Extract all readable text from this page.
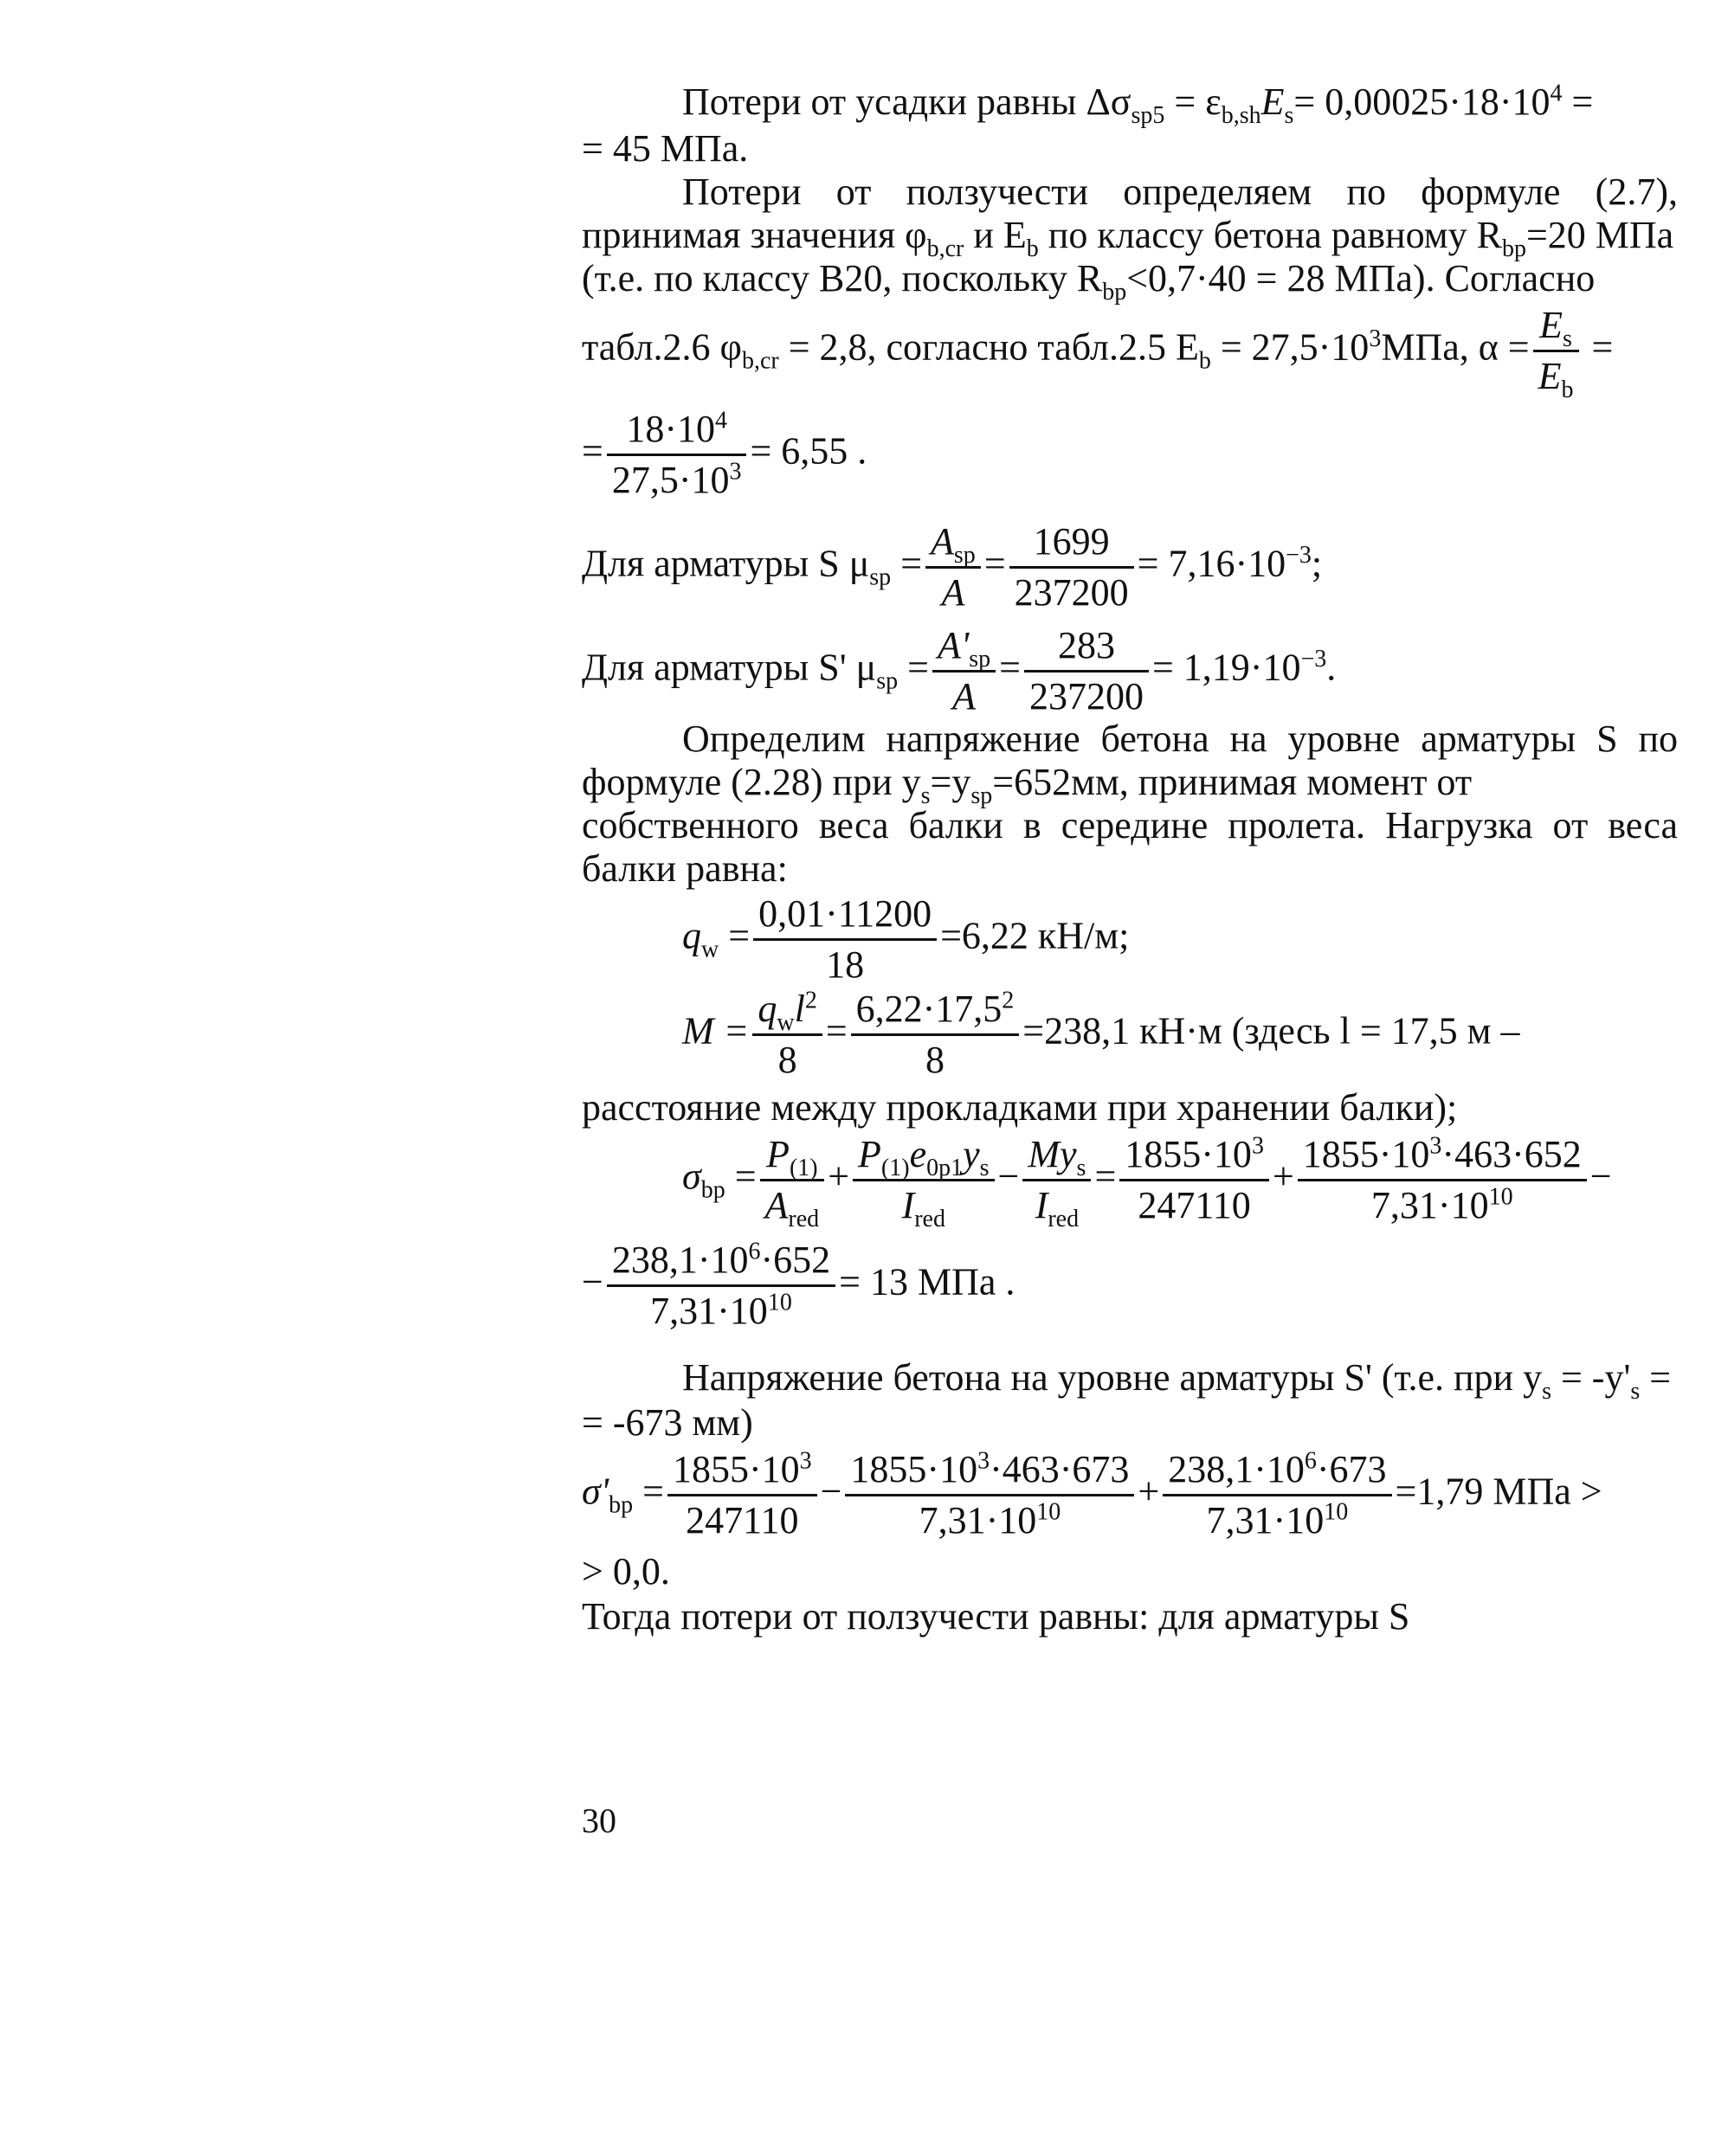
Потери от усадки равны $\Delta\sigma_{sp5} = \varepsilon_{b,sh}E_s= 0,00025\cdot 18\cdot 10^4$ =
= 45 МПа.
Потери от ползучести определяем по формуле (2.7),
принимая значения $\varphi_{b,cr}$ и $E_b$ по классу бетона равному $R_{bp}=20$ МПа
(т.е. по классу В20, поскольку $R_{bp}<0,7\cdot 40 = 28$ МПа). Согласно
табл.2.6 $\varphi_{b,cr} = 2,8$, согласно табл.2.5 $E_b = 27,5\cdot 10^3МПа$, $\alpha = \frac{E_s}{E_b}$ =
= $\frac{18\cdot 10^4}{27,5\cdot 10^3} = 6,55$ .
Для арматуры S $\mu_{sp} = \frac{A_{sp}}{A} = \frac{1699}{237200} = 7,16\cdot 10^{-3}$;
Для арматуры S' $\mu_{sp} = \frac{A'_{sp}}{A} = \frac{283}{237200} = 1,19\cdot 10^{-3}$.
Определим напряжение бетона на уровне арматуры S по
формуле (2.28) при $y_s=y_{sp}=652мм$, принимая момент от
собственного веса балки в середине пролета. Нагрузка от веса
балки равна:
$q_w = \frac{0,01\cdot 11200}{18} =6,22$ кН/м;
$M = \frac{q_wl^2}{8} = \frac{6,22\cdot 17,5^2}{8} =238,1$ кН·м (здесь l = 17,5 м –
расстояние между прокладками при хранении балки);
$\sigma_{bp} = \frac{P_{(1)}}{A_{red}} + \frac{P_{(1)}e_{0p1}y_s}{I_{red}} - \frac{My_s}{I_{red}} = \frac{1855\cdot 10^3}{247110} + \frac{1855\cdot 10^3\cdot 463\cdot 652}{7,31\cdot 10^{10}}$ −
− $\frac{238,1\cdot 10^6\cdot 652}{7,31\cdot 10^{10}} = 13$ МПа .
Напряжение бетона на уровне арматуры S' (т.е. при $y_s = -y'_s$ =
= -673 мм)
$\sigma'_{bp} = \frac{1855\cdot 10^3}{247110} - \frac{1855\cdot 10^3\cdot 463\cdot 673}{7,31\cdot 10^{10}} + \frac{238,1\cdot 10^6\cdot 673}{7,31\cdot 10^{10}} =1,79$ МПа >
> 0,0.
Тогда потери от ползучести равны: для арматуры S
30
